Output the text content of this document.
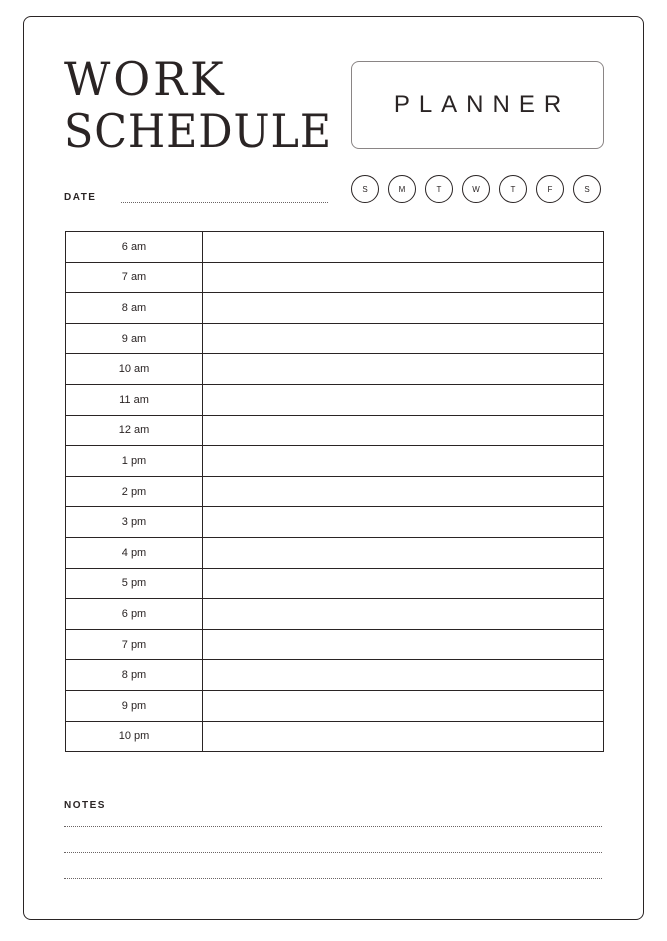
WORK
SCHEDULE	PLANNER
DATE
S	M	T	W	T	F	S
6 am	
7 am	
8 am	
9 am	
10 am	
11 am	
12 am	
1 pm	
2 pm	
3 pm	
4 pm	
5 pm	
6 pm	
7 pm	
8 pm	
9 pm	
10 pm	
NOTES
